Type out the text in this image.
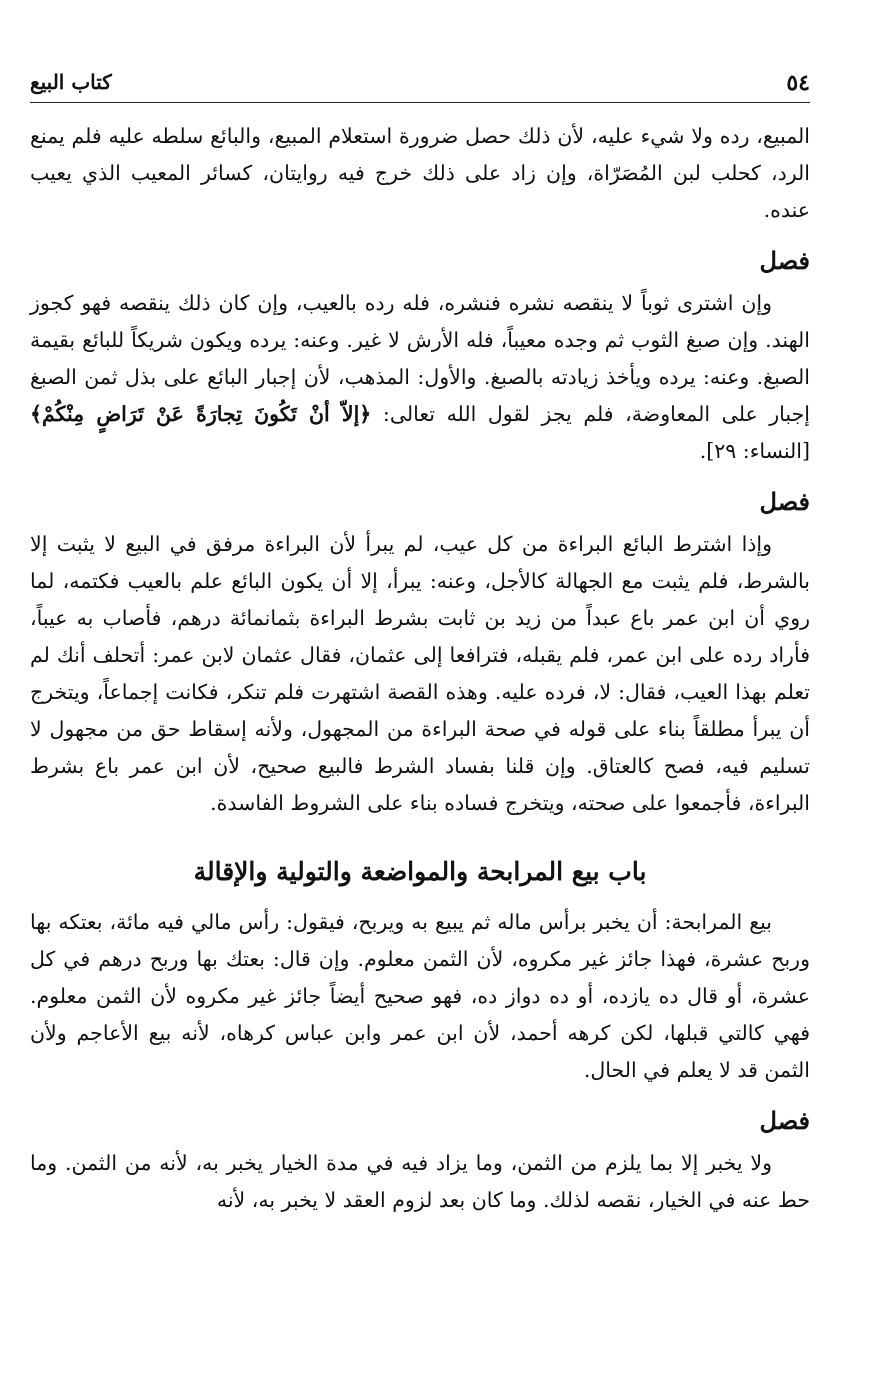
٥٤
كتاب البيع

المبيع، رده ولا شيء عليه، لأن ذلك حصل ضرورة استعلام المبيع، والبائع سلطه عليه فلم يمنع الرد، كحلب لبن المُصَرّاة، وإن زاد على ذلك خرج فيه روايتان، كسائر المعيب الذي يعيب عنده.

فصل

وإن اشترى ثوباً لا ينقصه نشره فنشره، فله رده بالعيب، وإن كان ذلك ينقصه فهو كجوز الهند. وإن صبغ الثوب ثم وجده معيباً، فله الأرش لا غير. وعنه: يرده ويكون شريكاً للبائع بقيمة الصبغ. وعنه: يرده ويأخذ زيادته بالصبغ. والأول: المذهب، لأن إجبار البائع على بذل ثمن الصبغ إجبار على المعاوضة، فلم يجز لقول الله تعالى: ﴿إلاّ أنْ تَكُونَ تِجارَةً عَنْ تَرَاضٍ مِنْكُمْ﴾ [النساء: ٢٩].

فصل

وإذا اشترط البائع البراءة من كل عيب، لم يبرأ لأن البراءة مرفق في البيع لا يثبت إلا بالشرط، فلم يثبت مع الجهالة كالأجل، وعنه: يبرأ، إلا أن يكون البائع علم بالعيب فكتمه، لما روي أن ابن عمر باع عبداً من زيد بن ثابت بشرط البراءة بثمانمائة درهم، فأصاب به عيباً، فأراد رده على ابن عمر، فلم يقبله، فترافعا إلى عثمان، فقال عثمان لابن عمر: أتحلف أنك لم تعلم بهذا العيب، فقال: لا، فرده عليه. وهذه القصة اشتهرت فلم تنكر، فكانت إجماعاً، ويتخرج أن يبرأ مطلقاً بناء على قوله في صحة البراءة من المجهول، ولأنه إسقاط حق من مجهول لا تسليم فيه، فصح كالعتاق. وإن قلنا بفساد الشرط فالبيع صحيح، لأن ابن عمر باع بشرط البراءة، فأجمعوا على صحته، ويتخرج فساده بناء على الشروط الفاسدة.

باب بيع المرابحة والمواضعة والتولية والإقالة

بيع المرابحة: أن يخبر برأس ماله ثم يبيع به ويربح، فيقول: رأس مالي فيه مائة، بعتكه بها وربح عشرة، فهذا جائز غير مكروه، لأن الثمن معلوم. وإن قال: بعتك بها وربح درهم في كل عشرة، أو قال ده يازده، أو ده دواز ده، فهو صحيح أيضاً جائز غير مكروه لأن الثمن معلوم. فهي كالتي قبلها، لكن كرهه أحمد، لأن ابن عمر وابن عباس كرهاه، لأنه بيع الأعاجم ولأن الثمن قد لا يعلم في الحال.

فصل

ولا يخبر إلا بما يلزم من الثمن، وما يزاد فيه في مدة الخيار يخبر به، لأنه من الثمن. وما حط عنه في الخيار، نقصه لذلك. وما كان بعد لزوم العقد لا يخبر به، لأنه
